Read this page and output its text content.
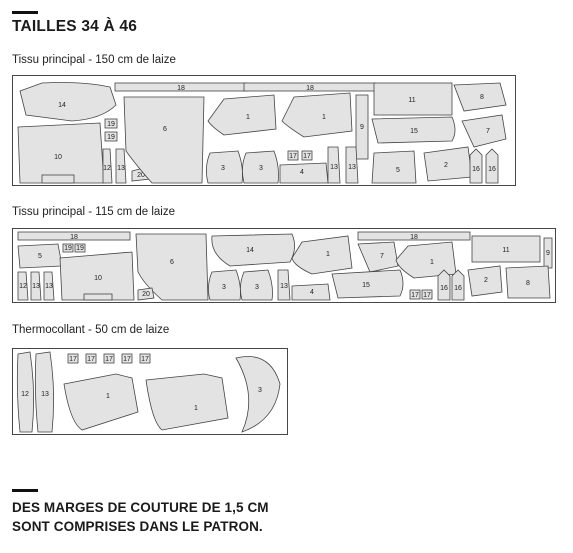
TAILLES 34 À 46
Tissu principal - 150 cm de laize
14
10
18	18
19
19
12 13
20
6
1	1
9
3	3
17 17
4
13 13
11	8
15	7
5
2
16 16
Tissu principal - 115 cm de laize
18	18
19 19
5
10
12 13 13
6
20
14
1	7
1
11	9
3	3	13
4
15
17 17
16 16
2	8
Thermocollant - 50 cm de laize
12 13
17 17 17 17 17
1
1
3
DES MARGES DE COUTURE DE 1,5 CM
SONT COMPRISES DANS LE PATRON.
